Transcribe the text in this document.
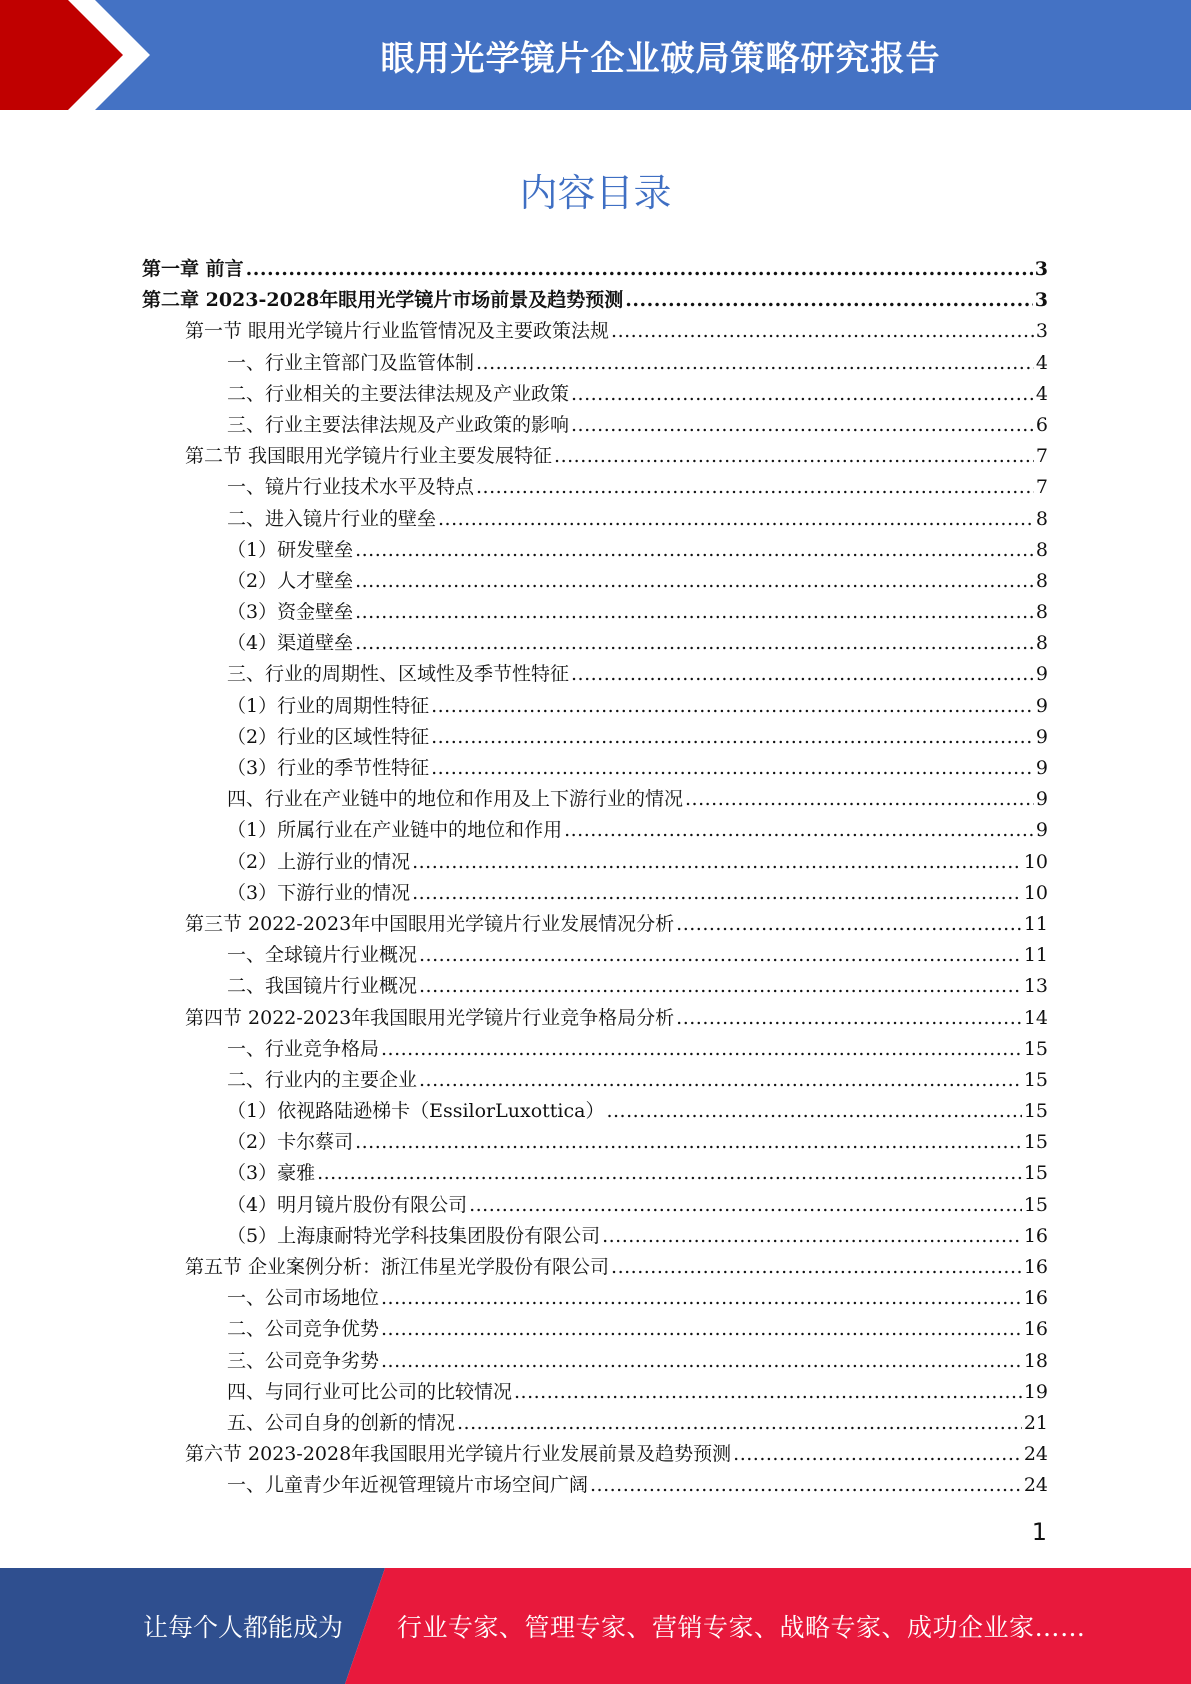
眼用光学镜片企业破局策略研究报告
内容目录
第一章 前言 .....	3
第二章 2023-2028年眼用光学镜片市场前景及趋势预测 .....	3
第一节 眼用光学镜片行业监管情况及主要政策法规 .....	3
一、行业主管部门及监管体制 .....	4
二、行业相关的主要法律法规及产业政策 .....	4
三、行业主要法律法规及产业政策的影响 .....	6
第二节 我国眼用光学镜片行业主要发展特征 .....	7
一、镜片行业技术水平及特点 .....	7
二、进入镜片行业的壁垒 .....	8
（1）研发壁垒 .....	8
（2）人才壁垒 .....	8
（3）资金壁垒 .....	8
（4）渠道壁垒 .....	8
三、行业的周期性、区域性及季节性特征 .....	9
（1）行业的周期性特征 .....	9
（2）行业的区域性特征 .....	9
（3）行业的季节性特征 .....	9
四、行业在产业链中的地位和作用及上下游行业的情况 .....	9
（1）所属行业在产业链中的地位和作用 .....	9
（2）上游行业的情况 .....	10
（3）下游行业的情况 .....	10
第三节 2022-2023年中国眼用光学镜片行业发展情况分析 .....	11
一、全球镜片行业概况 .....	11
二、我国镜片行业概况 .....	13
第四节 2022-2023年我国眼用光学镜片行业竞争格局分析 .....	14
一、行业竞争格局 .....	15
二、行业内的主要企业 .....	15
（1）依视路陆逊梯卡（EssilorLuxottica） .....	15
（2）卡尔蔡司 .....	15
（3）豪雅 .....	15
（4）明月镜片股份有限公司 .....	15
（5）上海康耐特光学科技集团股份有限公司 .....	16
第五节 企业案例分析：浙江伟星光学股份有限公司 .....	16
一、公司市场地位 .....	16
二、公司竞争优势 .....	16
三、公司竞争劣势 .....	18
四、与同行业可比公司的比较情况 .....	19
五、公司自身的创新的情况 .....	21
第六节 2023-2028年我国眼用光学镜片行业发展前景及趋势预测 .....	24
一、儿童青少年近视管理镜片市场空间广阔 .....	24
1
让每个人都能成为 行业专家、管理专家、营销专家、战略专家、成功企业家……
